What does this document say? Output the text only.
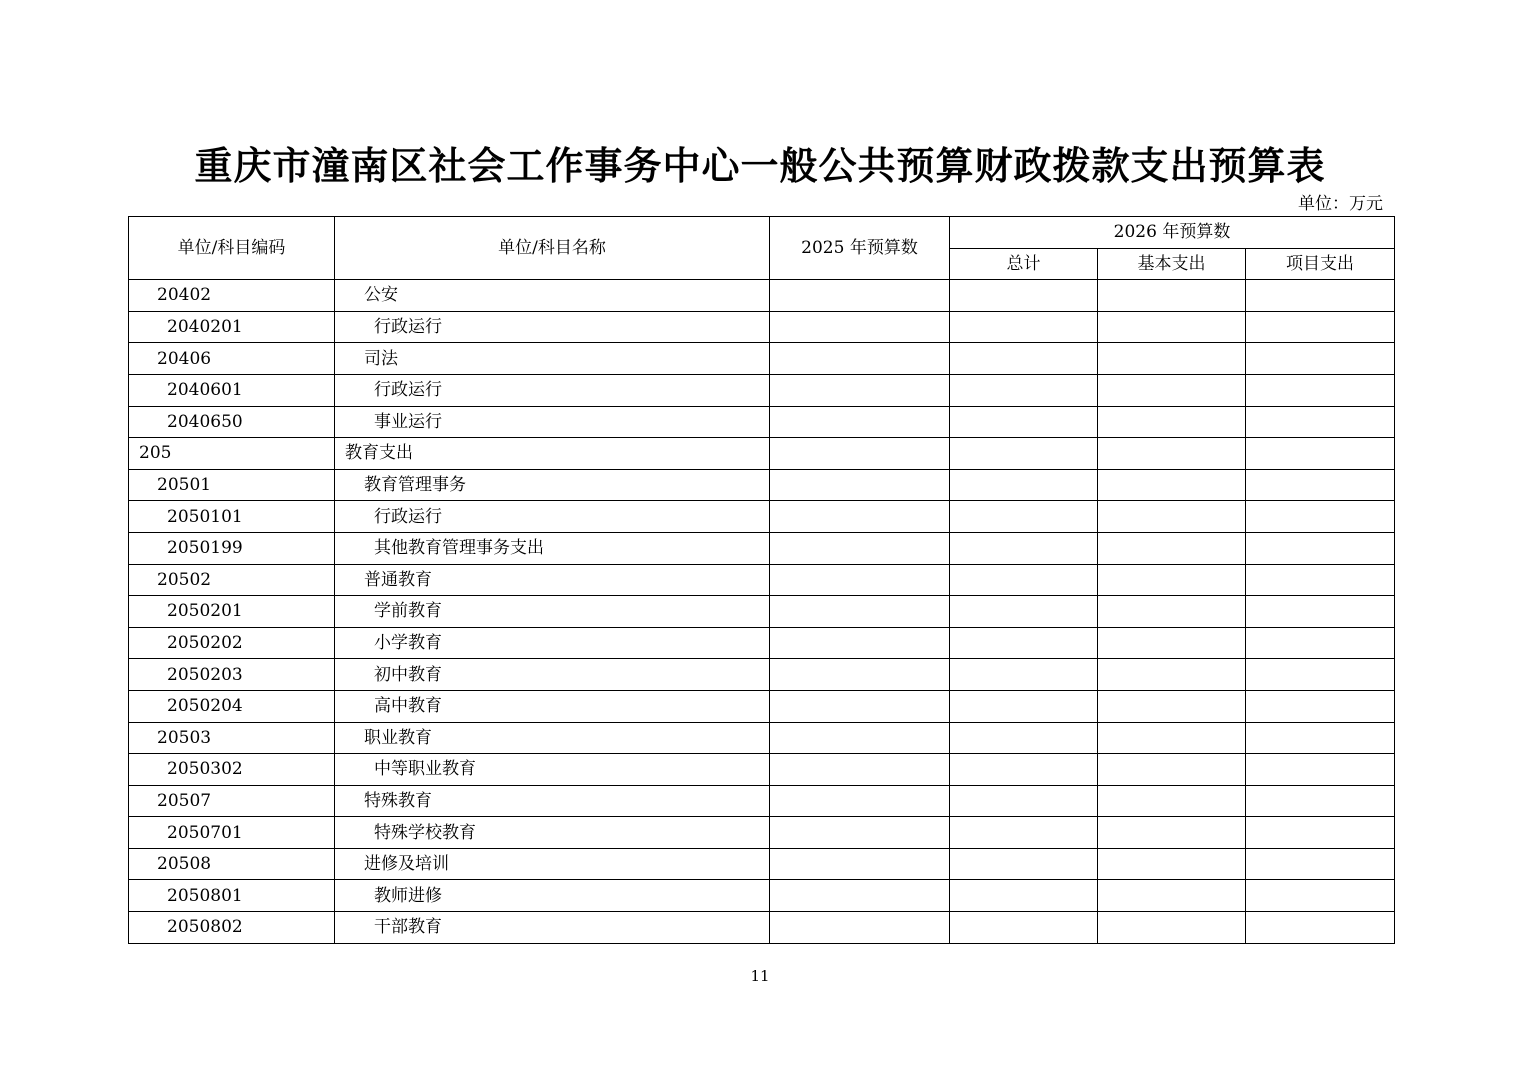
重庆市潼南区社会工作事务中心一般公共预算财政拨款支出预算表
单位：万元
单位/科目编码	单位/科目名称	2025 年预算数	2026 年预算数		
			总计	基本支出	项目支出
20402	公安				
2040201	行政运行				
20406	司法				
2040601	行政运行				
2040650	事业运行				
205	教育支出				
20501	教育管理事务				
2050101	行政运行				
2050199	其他教育管理事务支出				
20502	普通教育				
2050201	学前教育				
2050202	小学教育				
2050203	初中教育				
2050204	高中教育				
20503	职业教育				
2050302	中等职业教育				
20507	特殊教育				
2050701	特殊学校教育				
20508	进修及培训				
2050801	教师进修				
2050802	干部教育				
11
